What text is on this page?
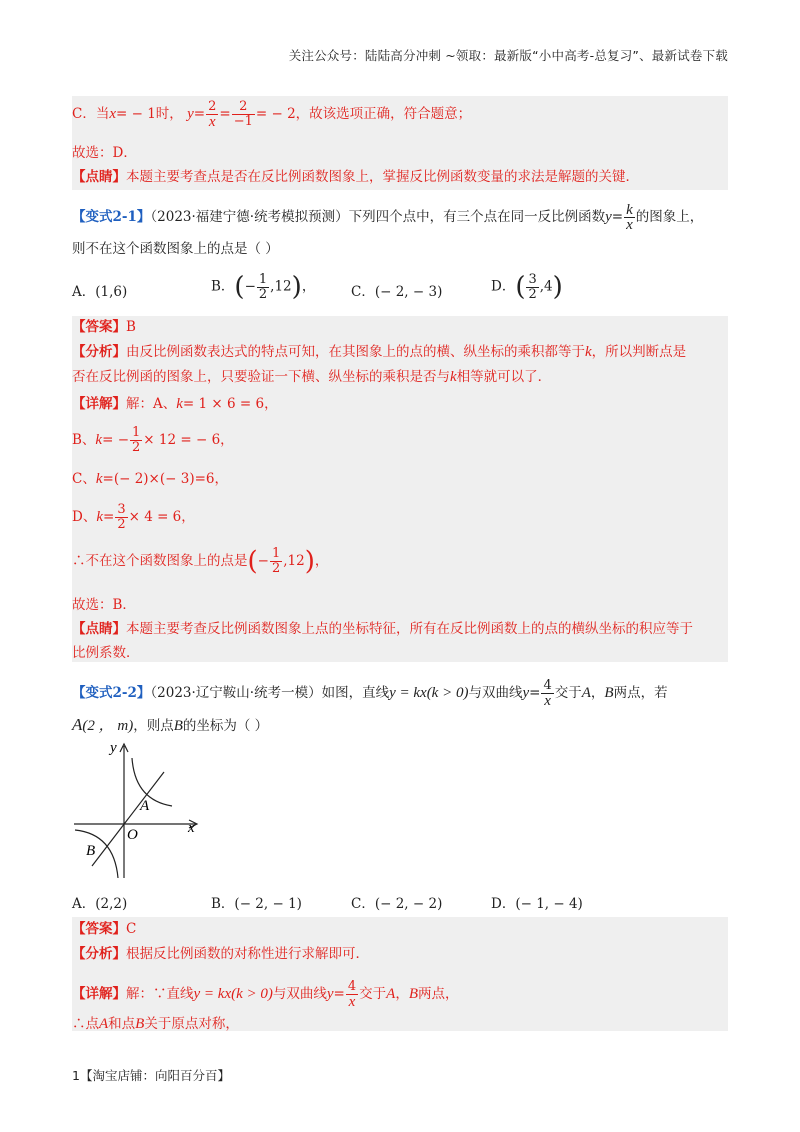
关注公众号：陆陆高分冲刺 ~领取：最新版“小中高考-总复习”、最新试卷下载
C．当x= − 1时， $y= \frac{2}{x} = \frac{2}{-1}$ = − 2，故该选项正确，符合题意；
故选：D．
【点睛】本题主要考查点是否在反比例函数图象上，掌握反比例函数变量的求法是解题的关键．
【变式2-1】（2023·福建宁德·统考模拟预测）下列四个点中，有三个点在同一反比例函数$y= \frac{k}{x}$ 的图象上，
则不在这个函数图象上的点是（ ）
A．(1,6)	B．(− $\frac{1}{2} ,12$)，	C．(− 2, − 3)	D．( $\frac{3}{2} ,4$)
【答案】B
【分析】由反比例函数表达式的特点可知，在其图象上的点的横、纵坐标的乘积都等于k，所以判断点是
否在反比例函的图象上，只要验证一下横、纵坐标的乘积是否与k相等就可以了．
【详解】解：A、k= 1 × 6 = 6，
B、$k= - \frac{1}{2} \times 12$ = − 6，
C、k=(− 2)×(− 3)=6，
D、$k= \frac{3}{2} \times 4 = 6$，
∴不在这个函数图象上的点是(− $\frac{1}{2} ,12$)，
故选：B．
【点睛】本题主要考查反比例函数图象上点的坐标特征，所有在反比例函数上的点的横纵坐标的积应等于
比例系数．
【变式2-2】（2023·辽宁鞍山·统考一模）如图，直线y = kx(k > 0)与双曲线$y= \frac{4}{x}$ 交于A，B两点，若
A(2 ， m)，则点B的坐标为（ ）
y
x
O
A
B
A．(2,2)	B．(− 2, − 1)	C．(− 2, − 2)	D．(− 1, − 4)
【答案】C
【分析】根据反比例函数的对称性进行求解即可．
【详解】解：∵直线y = kx(k > 0)与双曲线$y= \frac{4}{x}$ 交于A，B两点，
∴点A和点B关于原点对称，
1【淘宝店铺：向阳百分百】
